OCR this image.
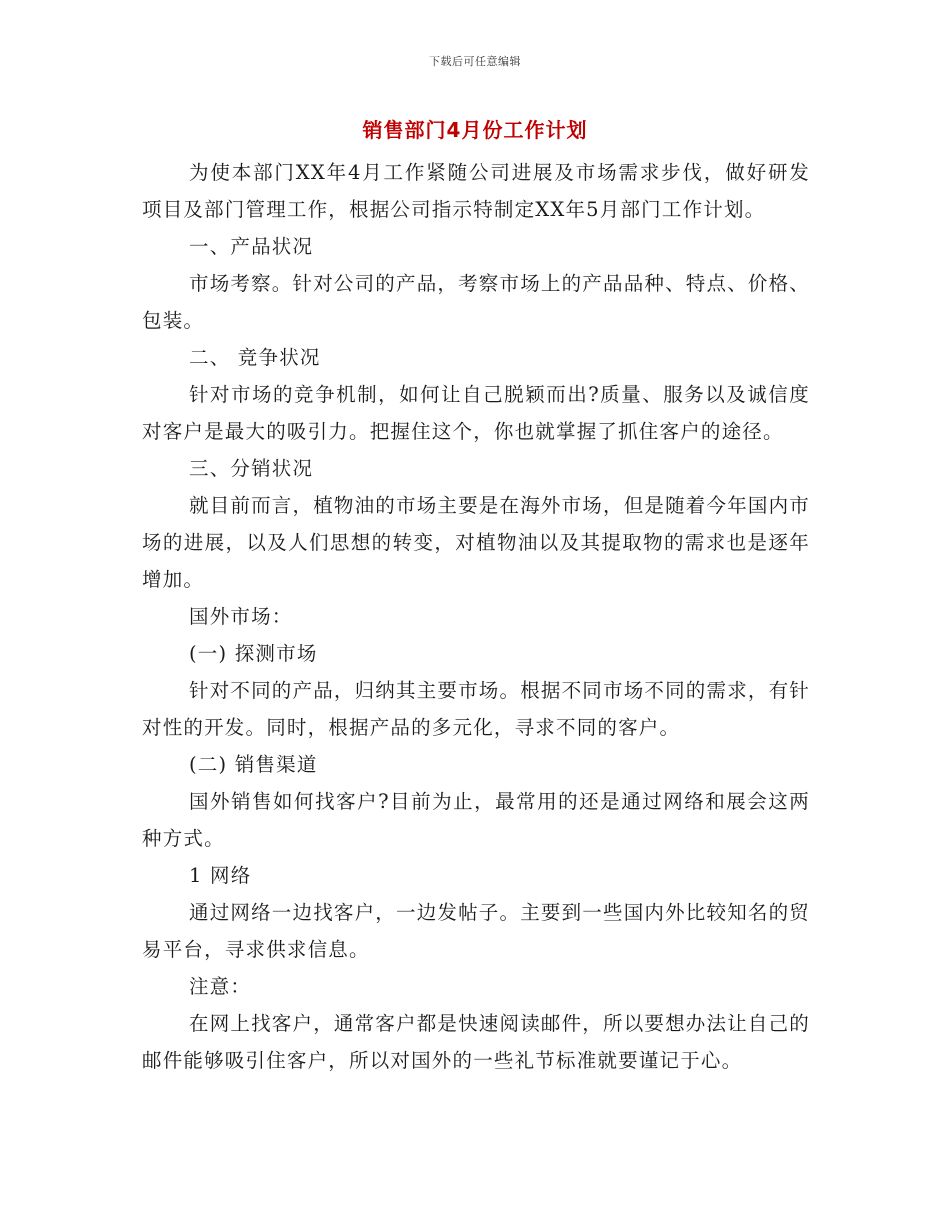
下载后可任意编辑
销售部门4月份工作计划

为使本部门XX年4月工作紧随公司进展及市场需求步伐，做好研发项目及部门管理工作，根据公司指示特制定XX年5月部门工作计划。

一、产品状况

市场考察。针对公司的产品，考察市场上的产品品种、特点、价格、包装。

二、 竞争状况

针对市场的竞争机制，如何让自己脱颖而出?质量、服务以及诚信度对客户是最大的吸引力。把握住这个，你也就掌握了抓住客户的途径。

三、分销状况

就目前而言，植物油的市场主要是在海外市场，但是随着今年国内市场的进展，以及人们思想的转变，对植物油以及其提取物的需求也是逐年增加。

国外市场：

(一) 探测市场

针对不同的产品，归纳其主要市场。根据不同市场不同的需求，有针对性的开发。同时，根据产品的多元化，寻求不同的客户。

(二) 销售渠道

国外销售如何找客户?目前为止，最常用的还是通过网络和展会这两种方式。

1 网络

通过网络一边找客户，一边发帖子。主要到一些国内外比较知名的贸易平台，寻求供求信息。

注意：

在网上找客户，通常客户都是快速阅读邮件，所以要想办法让自己的邮件能够吸引住客户，所以对国外的一些礼节标准就要谨记于心。
